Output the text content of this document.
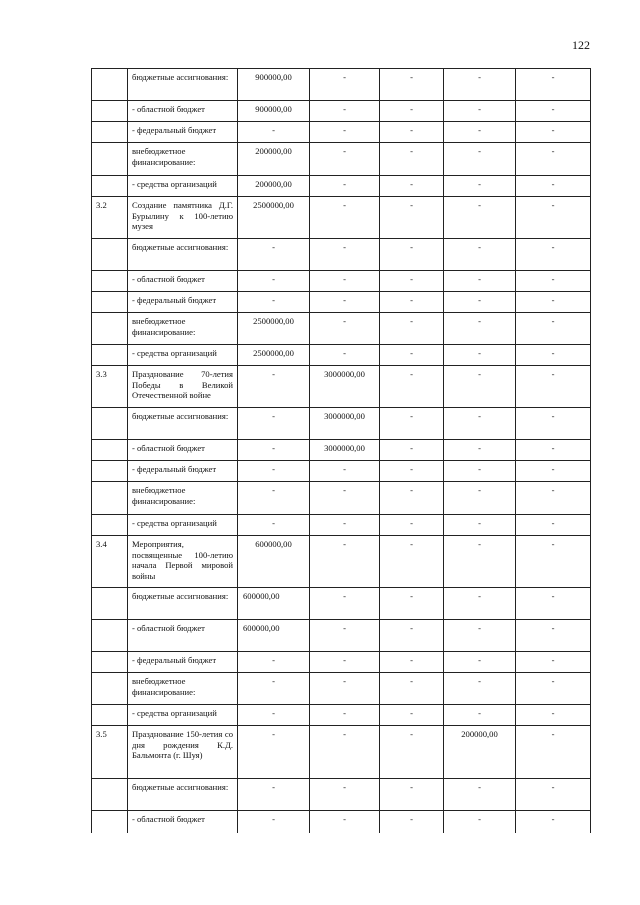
122
	бюджетные ассигнования:	900000,00	-	-	-	-
	- областной бюджет	900000,00	-	-	-	-
	- федеральный бюджет	-	-	-	-	-
	внебюджетное финансирование:	200000,00	-	-	-	-
	- средства организаций	200000,00	-	-	-	-
3.2	Создание памятника Д.Г. Бурылину к 100-летию музея	2500000,00	-	-	-	-
	бюджетные ассигнования:	-	-	-	-	-
	- областной бюджет	-	-	-	-	-
	- федеральный бюджет	-	-	-	-	-
	внебюджетное финансирование:	2500000,00	-	-	-	-
	- средства организаций	2500000,00	-	-	-	-
3.3	Празднование 70-летия Победы в Великой Отечественной войне	-	3000000,00	-	-	-
	бюджетные ассигнования:	-	3000000,00	-	-	-
	- областной бюджет	-	3000000,00	-	-	-
	- федеральный бюджет	-	-	-	-	-
	внебюджетное финансирование:	-	-	-	-	-
	- средства организаций	-	-	-	-	-
3.4	Мероприятия, посвященные 100-летию начала Первой мировой войны	600000,00	-	-	-	-
	бюджетные ассигнования:	600000,00	-	-	-	-
	- областной бюджет	600000,00	-	-	-	-
	- федеральный бюджет	-	-	-	-	-
	внебюджетное финансирование:	-	-	-	-	-
	- средства организаций	-	-	-	-	-
3.5	Празднование 150-летия со дня рождения К.Д. Бальмонта (г. Шуя)	-	-	-	200000,00	-
	бюджетные ассигнования:	-	-	-	-	-
	- областной бюджет	-	-	-	-	-
